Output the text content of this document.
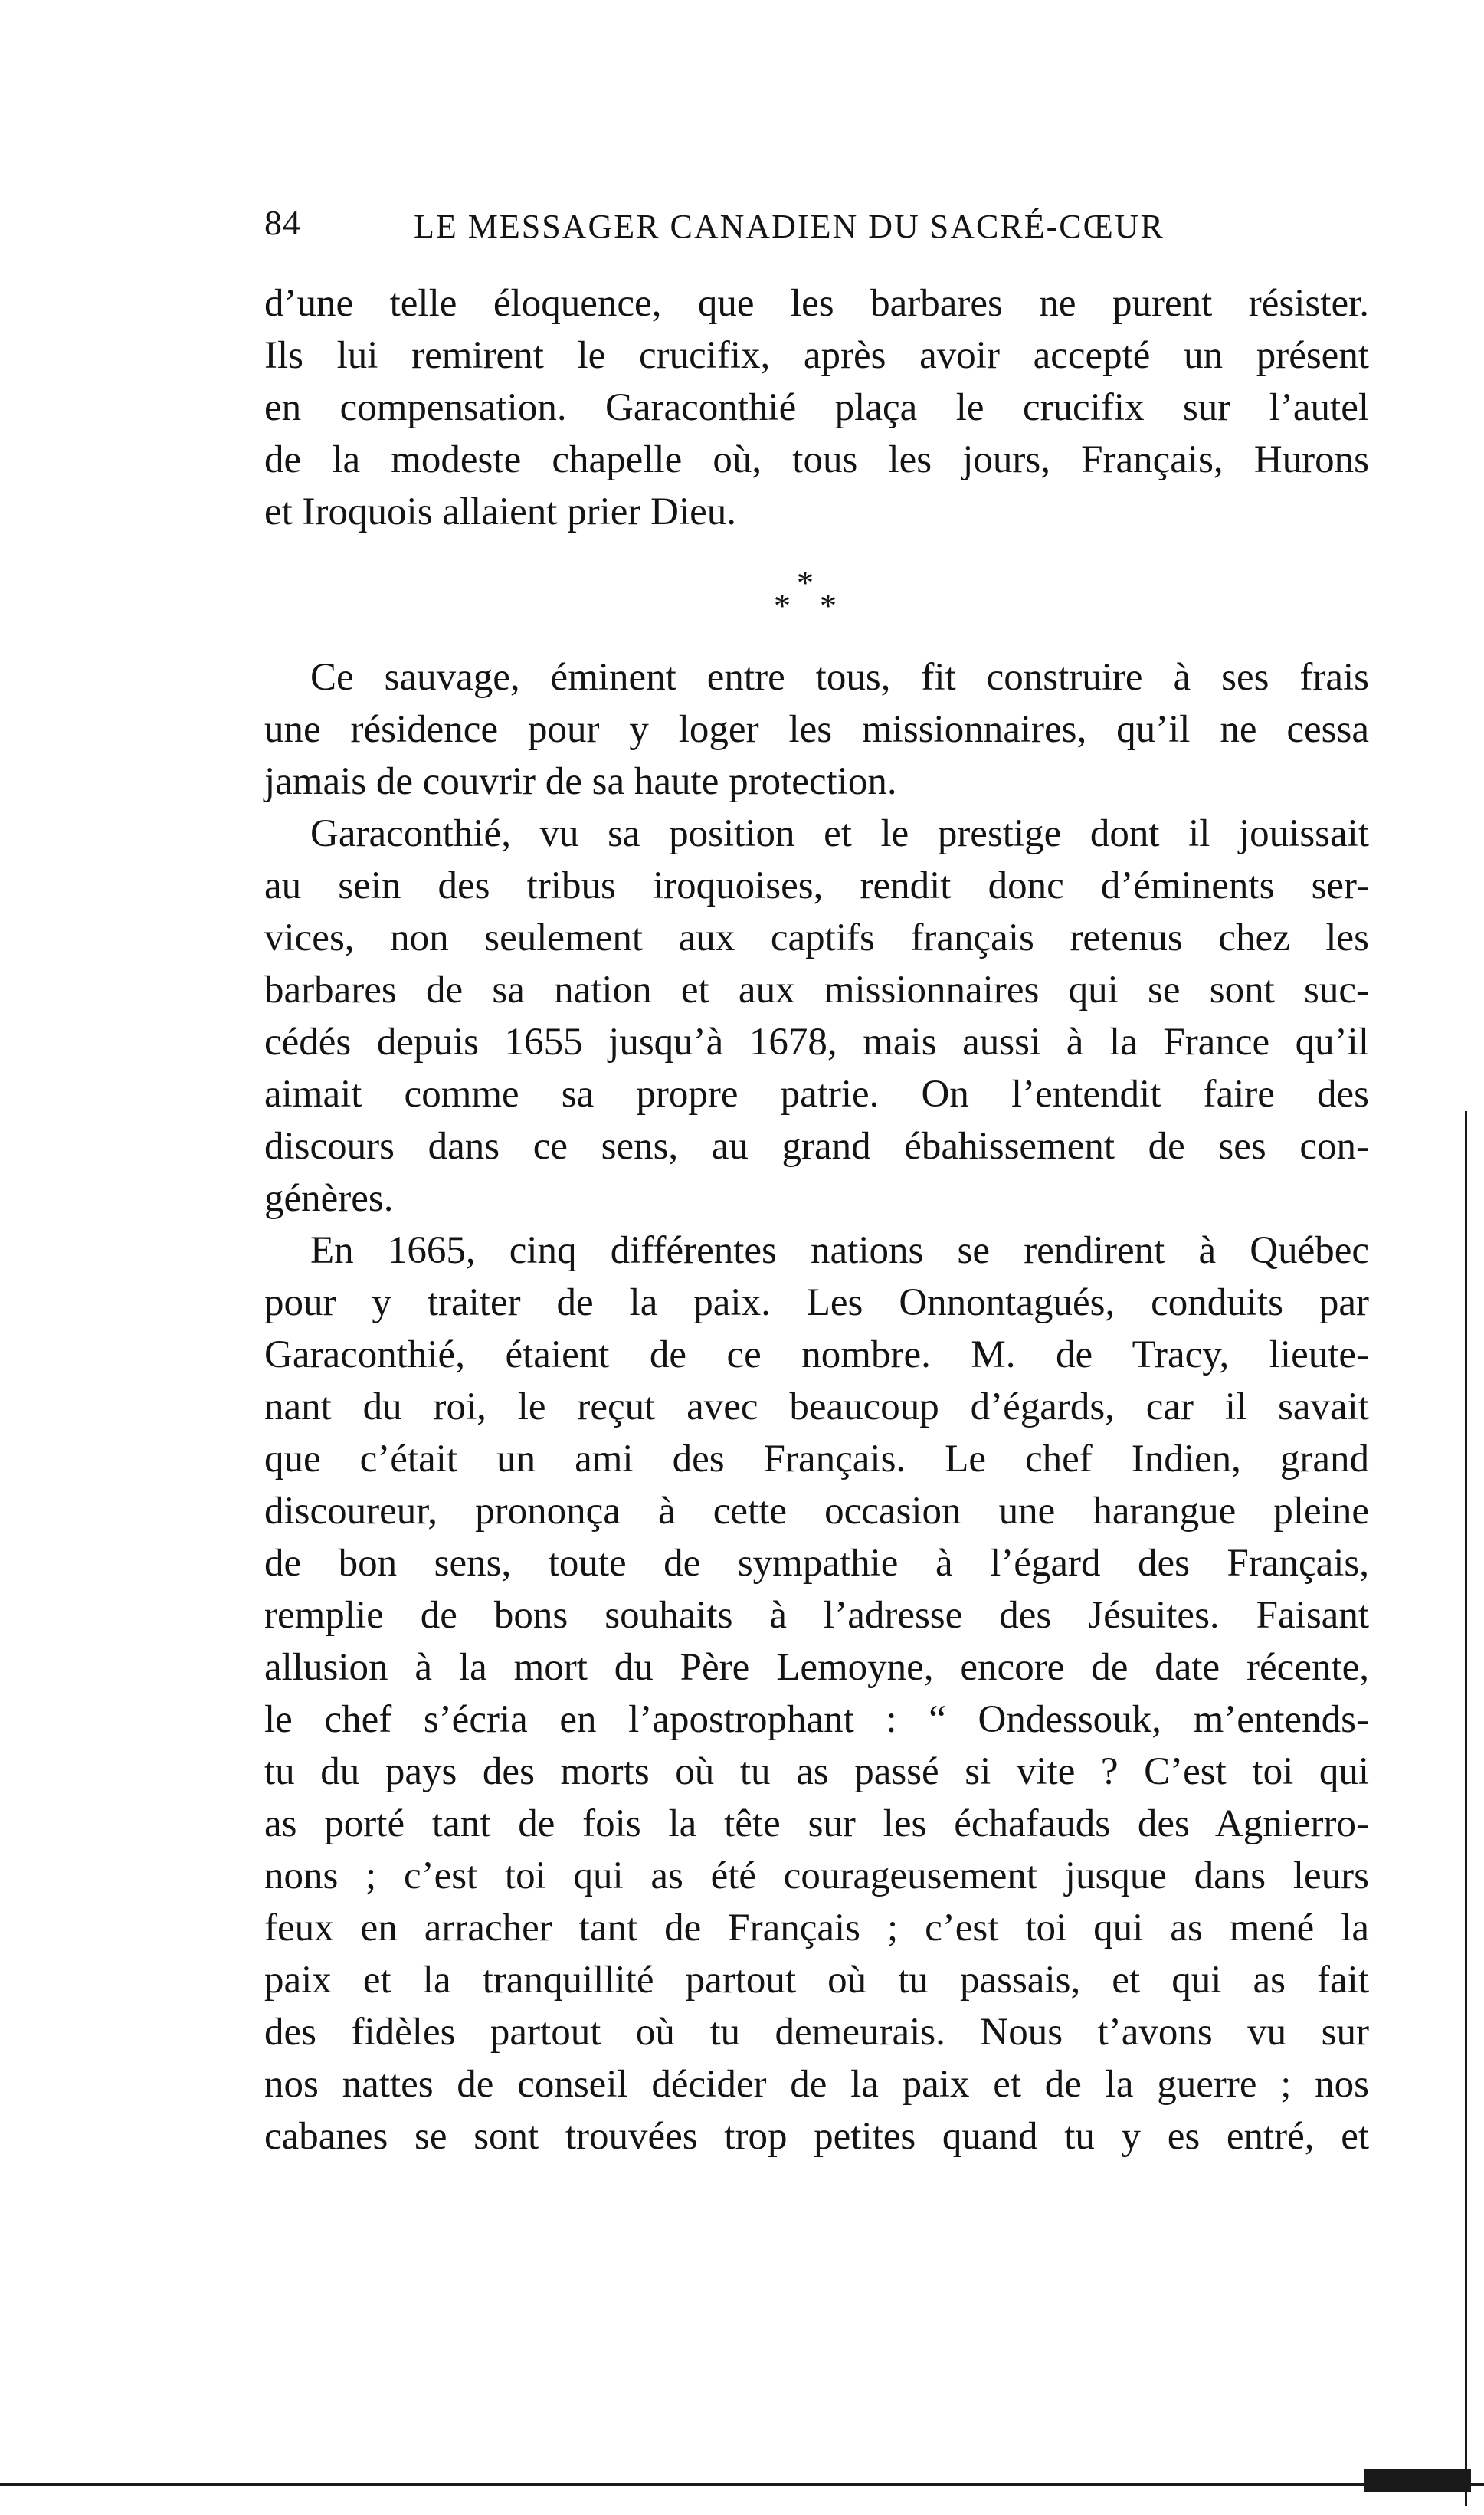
84	LE MESSAGER CANADIEN DU SACRÉ-CŒUR
d’une telle éloquence, que les barbares ne purent résister.
Ils lui remirent le crucifix, après avoir accepté un présent
en compensation. Garaconthié plaça le crucifix sur l’autel
de la modeste chapelle où, tous les jours, Français, Hurons
et Iroquois allaient prier Dieu.
*
* *
Ce sauvage, éminent entre tous, fit construire à ses frais
une résidence pour y loger les missionnaires, qu’il ne cessa
jamais de couvrir de sa haute protection.
Garaconthié, vu sa position et le prestige dont il jouissait
au sein des tribus iroquoises, rendit donc d’éminents ser-
vices, non seulement aux captifs français retenus chez les
barbares de sa nation et aux missionnaires qui se sont suc-
cédés depuis 1655 jusqu’à 1678, mais aussi à la France qu’il
aimait comme sa propre patrie. On l’entendit faire des
discours dans ce sens, au grand ébahissement de ses con-
génères.
En 1665, cinq différentes nations se rendirent à Québec
pour y traiter de la paix. Les Onnontagués, conduits par
Garaconthié, étaient de ce nombre. M. de Tracy, lieute-
nant du roi, le reçut avec beaucoup d’égards, car il savait
que c’était un ami des Français. Le chef Indien, grand
discoureur, prononça à cette occasion une harangue pleine
de bon sens, toute de sympathie à l’égard des Français,
remplie de bons souhaits à l’adresse des Jésuites. Faisant
allusion à la mort du Père Lemoyne, encore de date récente,
le chef s’écria en l’apostrophant : “ Ondessouk, m’entends-
tu du pays des morts où tu as passé si vite ? C’est toi qui
as porté tant de fois la tête sur les échafauds des Agnierro-
nons ; c’est toi qui as été courageusement jusque dans leurs
feux en arracher tant de Français ; c’est toi qui as mené la
paix et la tranquillité partout où tu passais, et qui as fait
des fidèles partout où tu demeurais. Nous t’avons vu sur
nos nattes de conseil décider de la paix et de la guerre ; nos
cabanes se sont trouvées trop petites quand tu y es entré, et
